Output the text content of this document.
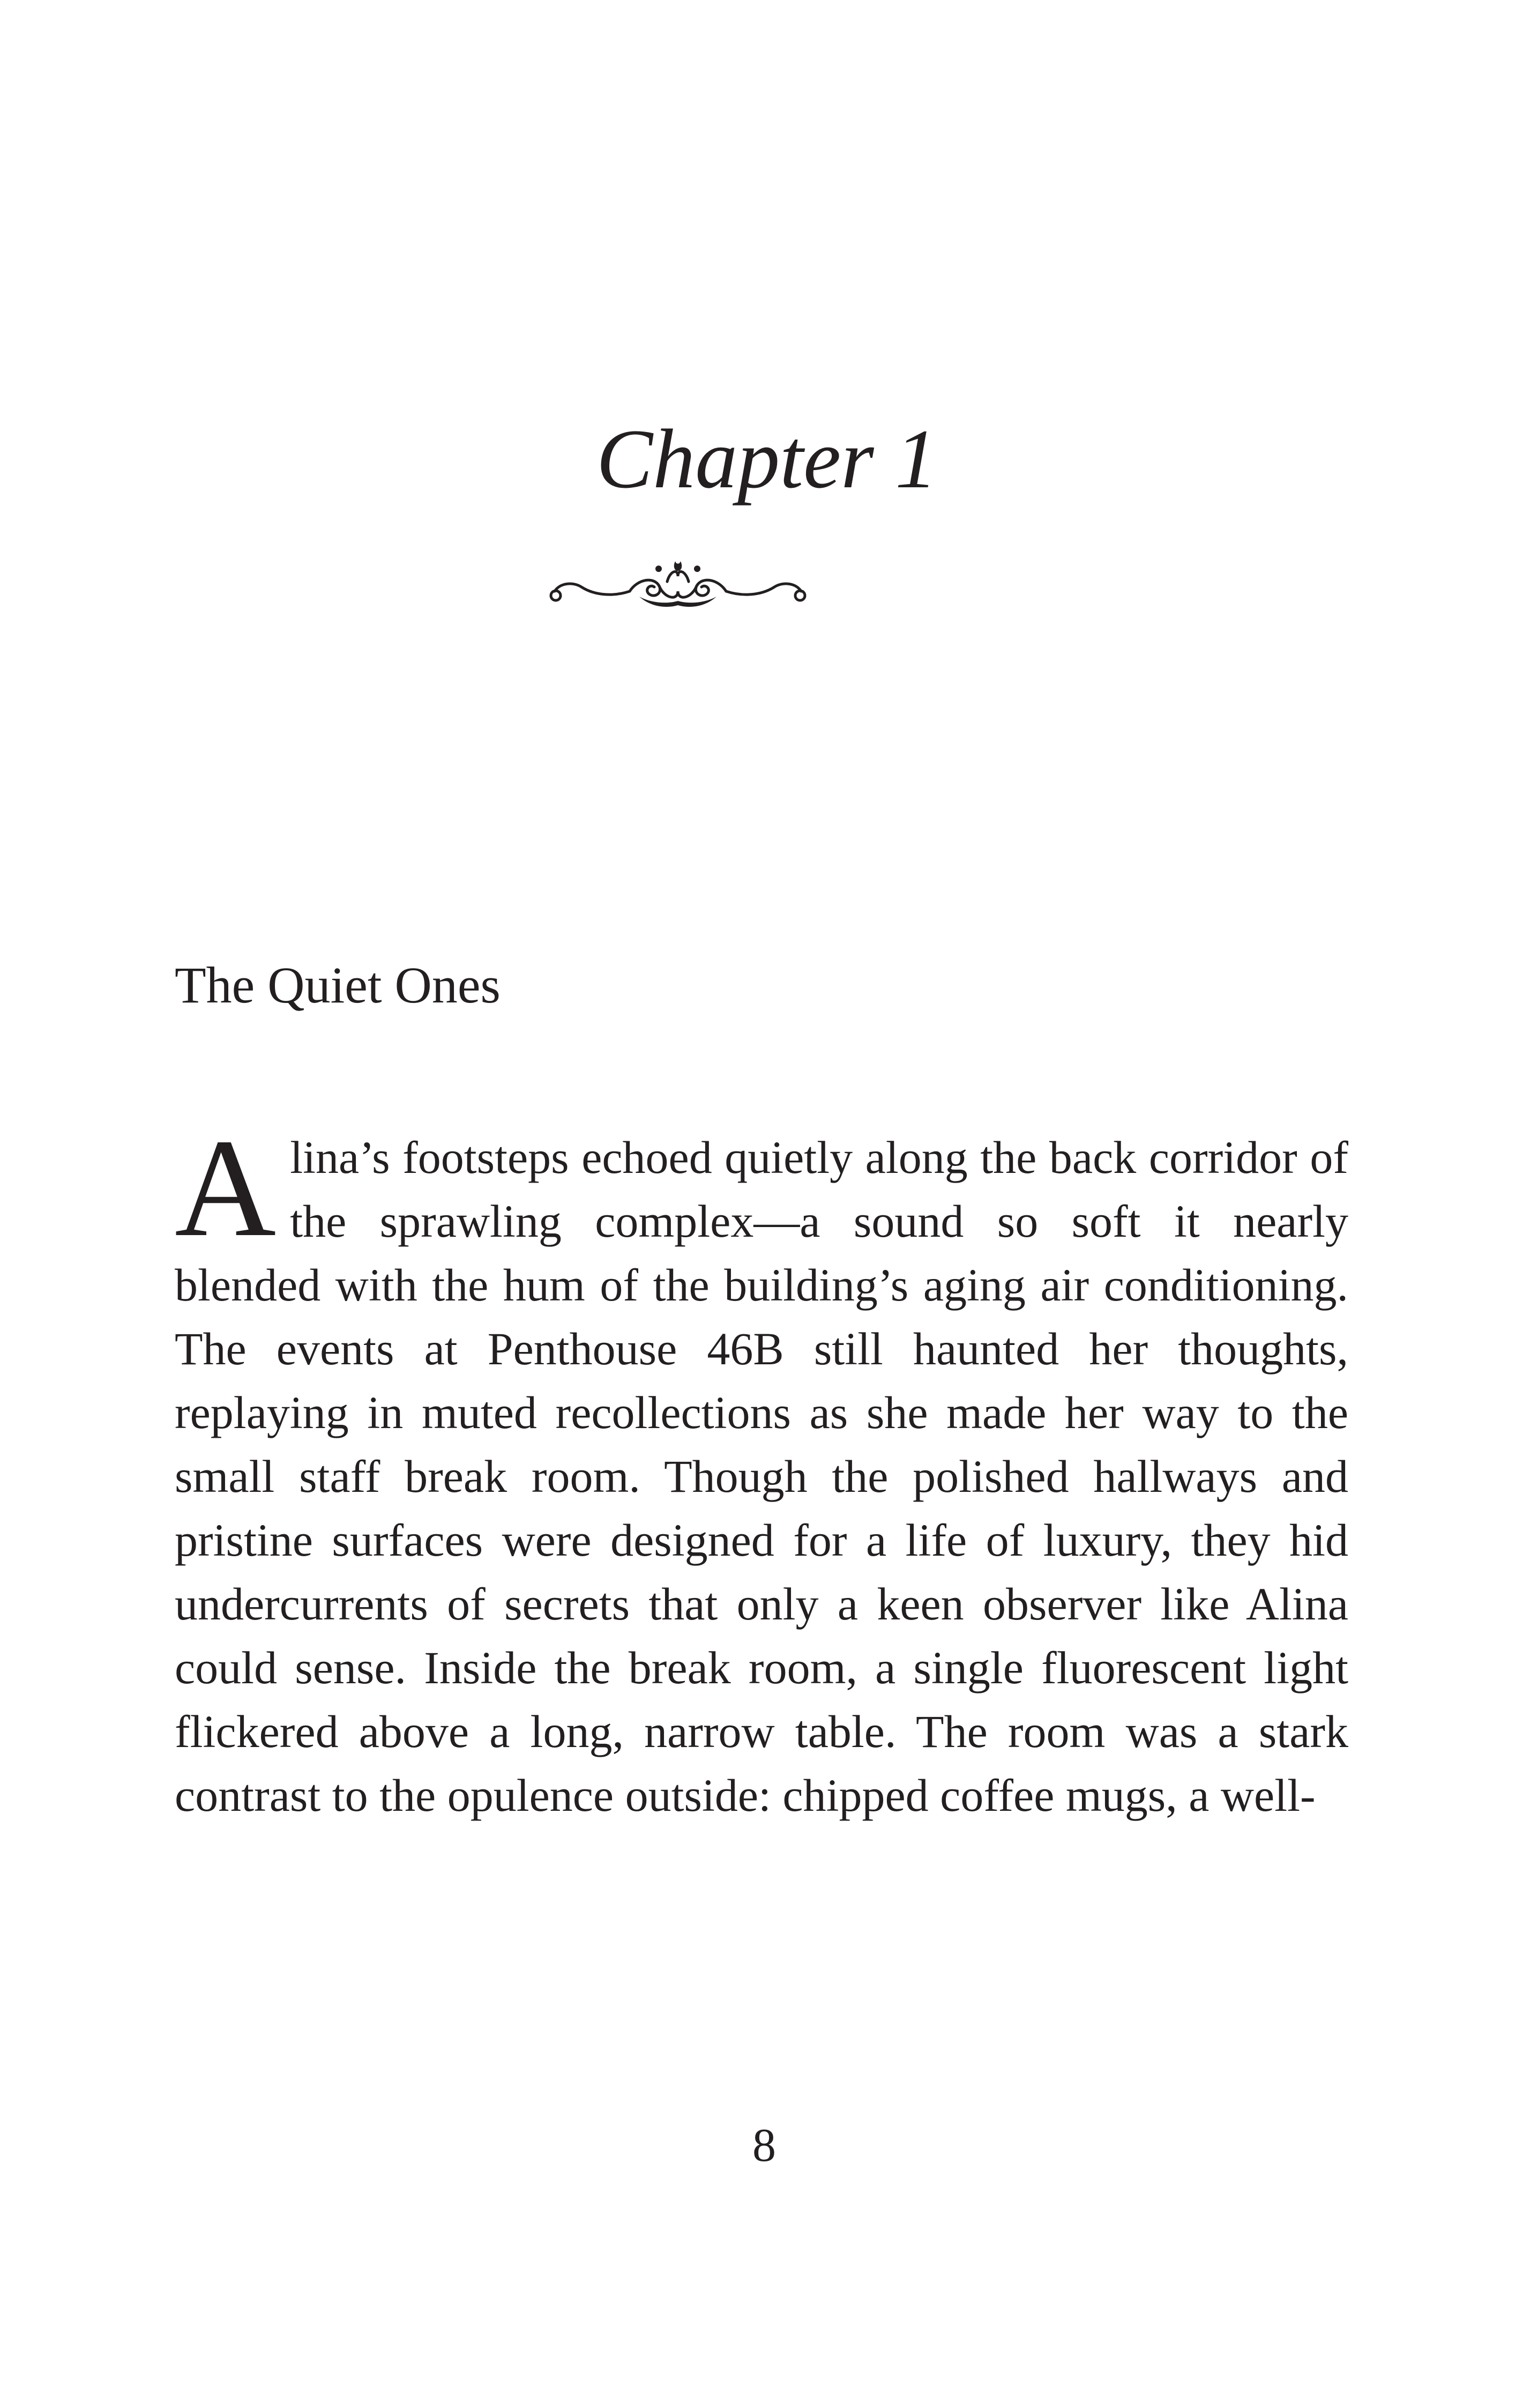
Chapter 1
The Quiet Ones
A lina’s footsteps echoed quietly along the back corridor of the sprawling complex—a sound so soft it nearly blended with the hum of the building’s aging air conditioning. The events at Penthouse 46B still haunted her thoughts, replaying in muted recollections as she made her way to the small staff break room. Though the polished hallways and pristine surfaces were designed for a life of luxury, they hid undercurrents of secrets that only a keen observer like Alina could sense. Inside the break room, a single fluorescent light flickered above a long, narrow table. The room was a stark contrast to the opulence outside: chipped coffee mugs, a well-

8
